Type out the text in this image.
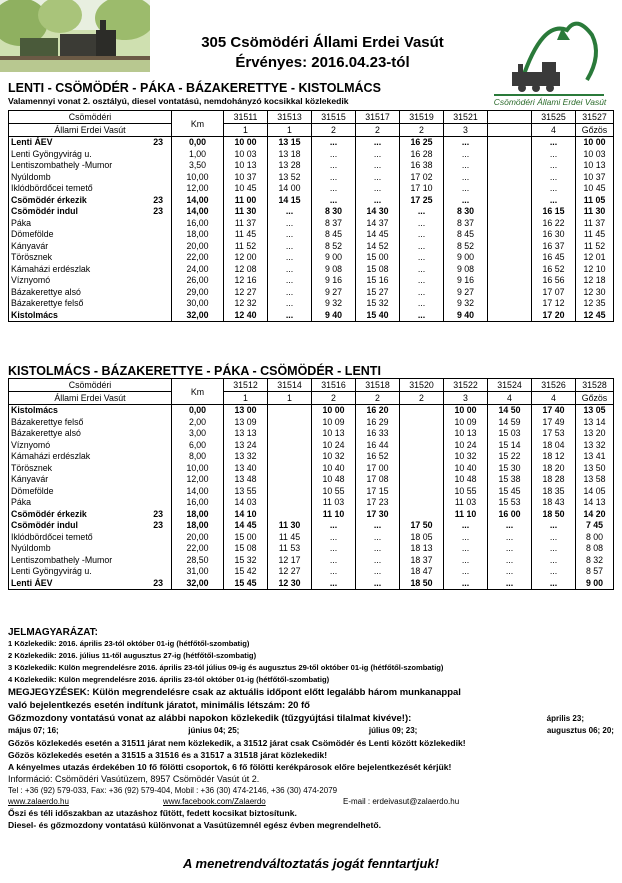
305 Csömödéri Állami Erdei Vasút
Érvényes: 2016.04.23-tól
Csömödéri Állami Erdei Vasút
LENTI - CSÖMÖDÉR - PÁKA - BÁZAKERETTYE - KISTOLMÁCS
Valamennyi vonat 2. osztályú, diesel vontatású, nemdohányzó kocsikkal közlekedik
Csömödéri	Km	31511	31513	31515	31517	31519	31521		31525	31527
Állami Erdei Vasút		1	1	2	2	2	3		4	Gőzös

23
Lenti ÁEV	0,00	10 00	13 15	...	...	16 25	...		...	10 00

Lenti Gyöngyvirág u.	1,00	10 03	13 18	...	...	16 28	...		...	10 03

Lentiszombathely -Mumor	3,50	10 13	13 28	...	...	16 38	...		...	10 13

Nyúldomb	10,00	10 37	13 52	...	...	17 02	...		...	10 37

Iklódbördőcei temető	12,00	10 45	14 00	...	...	17 10	...		...	10 45

23
Csömödér érkezik	14,00	11 00	14 15	...	...	17 25	...		...	11 05

23
Csömödér indul	14,00	11 30	...	8 30	14 30	...	8 30		16 15	11 30

Páka	16,00	11 37	...	8 37	14 37	...	8 37		16 22	11 37

Dömefölde	18,00	11 45	...	8 45	14 45	...	8 45		16 30	11 45

Kányavár	20,00	11 52	...	8 52	14 52	...	8 52		16 37	11 52

Törösznek	22,00	12 00	...	9 00	15 00	...	9 00		16 45	12 01

Kámaházi erdészlak	24,00	12 08	...	9 08	15 08	...	9 08		16 52	12 10

Víznyomó	26,00	12 16	...	9 16	15 16	...	9 16		16 56	12 18

Bázakerettye alsó	29,00	12 27	...	9 27	15 27	...	9 27		17 07	12 30

Bázakerettye felső	30,00	12 32	...	9 32	15 32	...	9 32		17 12	12 35

Kistolmács	32,00	12 40	...	9 40	15 40	...	9 40		17 20	12 45
KISTOLMÁCS - BÁZAKERETTYE - PÁKA - CSÖMÖDÉR - LENTI
Csömödéri	Km	31512	31514	31516	31518	31520	31522	31524	31526	31528
Állami Erdei Vasút		1	1	2	2	2	3	4	4	Gőzös

Kistolmács	0,00	13 00		10 00	16 20		10 00	14 50	17 40	13 05

Bázakerettye felső	2,00	13 09		10 09	16 29		10 09	14 59	17 49	13 14

Bázakerettye alsó	3,00	13 13		10 13	16 33		10 13	15 03	17 53	13 20

Víznyomó	6,00	13 24		10 24	16 44		10 24	15 14	18 04	13 32

Kámaházi erdészlak	8,00	13 32		10 32	16 52		10 32	15 22	18 12	13 41

Törösznek	10,00	13 40		10 40	17 00		10 40	15 30	18 20	13 50

Kányavár	12,00	13 48		10 48	17 08		10 48	15 38	18 28	13 58

Dömefölde	14,00	13 55		10 55	17 15		10 55	15 45	18 35	14 05

Páka	16,00	14 03		11 03	17 23		11 03	15 53	18 43	14 13

23
Csömödér érkezik	18,00	14 10		11 10	17 30		11 10	16 00	18 50	14 20

23
Csömödér indul	18,00	14 45	11 30	...	...	17 50	...	...	...	7 45

Iklódbördőcei temető	20,00	15 00	11 45	...	...	18 05	...	...	...	8 00

Nyúldomb	22,00	15 08	11 53	...	...	18 13	...	...	...	8 08

Lentiszombathely -Mumor	28,50	15 32	12 17	...	...	18 37	...	...	...	8 32

Lenti Gyöngyvirág u.	31,00	15 42	12 27	...	...	18 47	...	...	...	8 57

23
Lenti ÁEV	32,00	15 45	12 30	...	...	18 50	...	...	...	9 00
JELMAGYARÁZAT:
1 Közlekedik: 2016. április 23-tól október 01-ig (hétfőtől-szombatig)
2 Közlekedik: 2016. július 11-től augusztus 27-ig (hétfőtől-szombatig)
3 Közlekedik: Külön megrendelésre 2016. április 23-tól július 09-ig és augusztus 29-től október 01-ig (hétfőtől-szombatig)
4 Közlekedik: Külön megrendelésre 2016. április 23-tól október 01-ig (hétfőtől-szombatig)
MEGJEGYZÉSEK: Külön megrendelésre csak az aktuális időpont előtt legalább három munkanappal
való bejelentkezés esetén indítunk járatot, minimális létszám: 20 fő
Gőzmozdony vontatású vonat az alábbi napokon közlekedik (tűzgyújtási tilalmat kivéve!):	április 23;
május 07; 16;	június 04; 25;	július 09; 23;	augusztus 06; 20;
Gőzös közlekedés esetén a 31511 járat nem közlekedik, a 31512 járat csak Csömödér és Lenti között közlekedik!
Gőzös közlekedés esetén a 31515 a 31516 és a 31517 a 31518 járat közlekedik!
A kényelmes utazás érdekében 10 fő fölötti csoportok, 6 fő fölötti kerékpárosok előre bejelentkezését kérjük!
Információ: Csömödéri Vasútüzem, 8957 Csömödér Vasút út 2.
Tel : +36 (92) 579-033, Fax: +36 (92) 579-404, Mobil : +36 (30) 474-2146, +36 (30) 474-2079
www.zalaerdo.hu	www.facebook.com/Zalaerdo	E-mail : erdeivasut@zalaerdo.hu
Őszi és téli időszakban az utazáshoz fűtött, fedett kocsikat biztosítunk.
Diesel- és gőzmozdony vontatású különvonat a Vasútüzemnél egész évben megrendelhető.
A menetrendváltoztatás jogát fenntartjuk!
